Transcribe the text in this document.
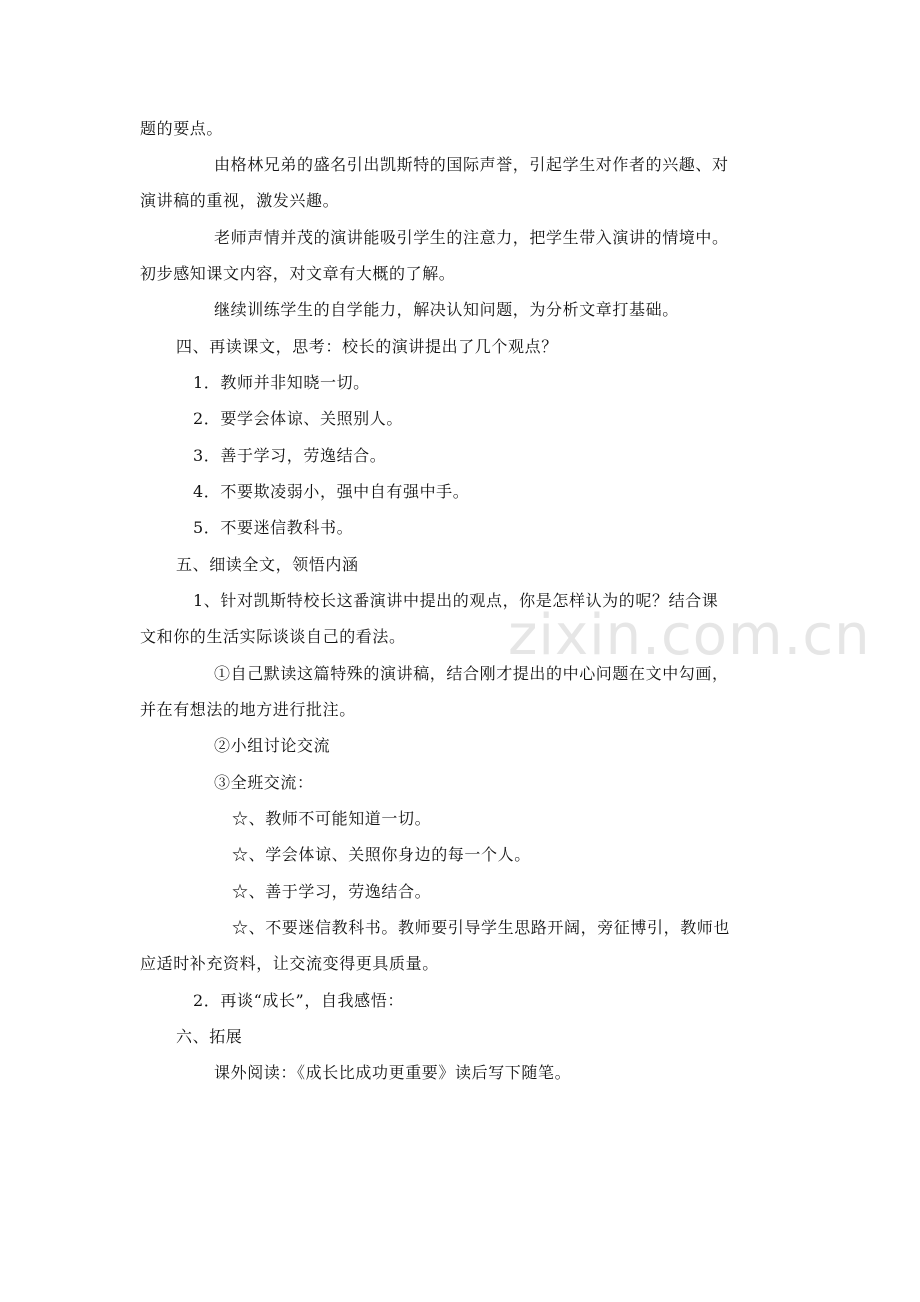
zixin.com.cn
题的要点。
由格林兄弟的盛名引出凯斯特的国际声誉，引起学生对作者的兴趣、对
演讲稿的重视，激发兴趣。
老师声情并茂的演讲能吸引学生的注意力，把学生带入演讲的情境中。
初步感知课文内容，对文章有大概的了解。
继续训练学生的自学能力，解决认知问题，为分析文章打基础。
四、再读课文，思考：校长的演讲提出了几个观点？
1．教师并非知晓一切。
2．要学会体谅、关照别人。
3．善于学习，劳逸结合。
4．不要欺凌弱小，强中自有强中手。
5．不要迷信教科书。
五、细读全文，领悟内涵
1、针对凯斯特校长这番演讲中提出的观点，你是怎样认为的呢？结合课
文和你的生活实际谈谈自己的看法。
①自己默读这篇特殊的演讲稿，结合刚才提出的中心问题在文中勾画，
并在有想法的地方进行批注。
②小组讨论交流
③全班交流：
☆、教师不可能知道一切。
☆、学会体谅、关照你身边的每一个人。
☆、善于学习，劳逸结合。
☆、不要迷信教科书。教师要引导学生思路开阔，旁征博引，教师也
应适时补充资料，让交流变得更具质量。
2．再谈“成长”，自我感悟：
六、拓展
课外阅读：《成长比成功更重要》读后写下随笔。
